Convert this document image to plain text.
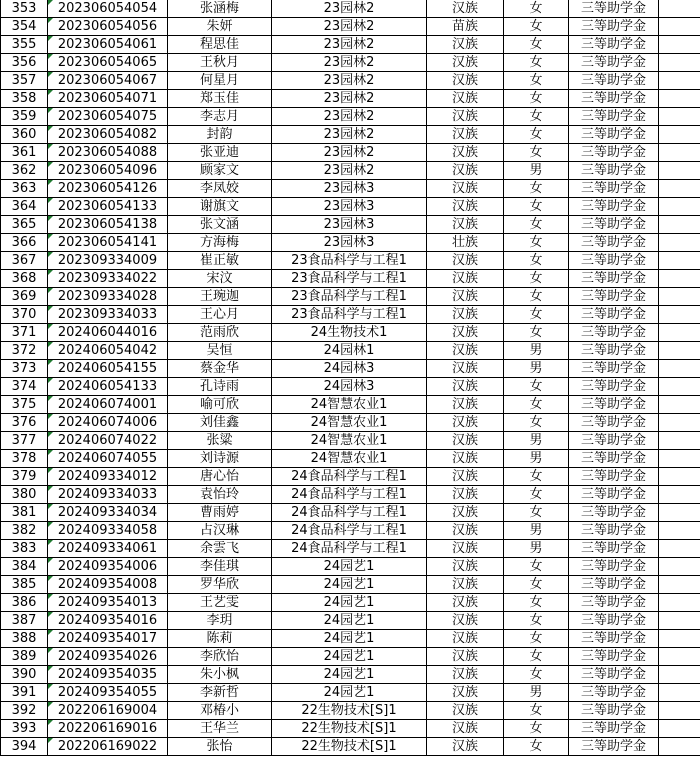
353	202306054054	张涵梅	23园林2	汉族	女	三等助学金	
354	202306054056	朱妍	23园林2	苗族	女	三等助学金	
355	202306054061	程思佳	23园林2	汉族	女	三等助学金	
356	202306054065	王秋月	23园林2	汉族	女	三等助学金	
357	202306054067	何星月	23园林2	汉族	女	三等助学金	
358	202306054071	郑玉佳	23园林2	汉族	女	三等助学金	
359	202306054075	李志月	23园林2	汉族	女	三等助学金	
360	202306054082	封韵	23园林2	汉族	女	三等助学金	
361	202306054088	张亚迪	23园林2	汉族	女	三等助学金	
362	202306054096	顾家文	23园林2	汉族	男	三等助学金	
363	202306054126	李凤姣	23园林3	汉族	女	三等助学金	
364	202306054133	谢旗文	23园林3	汉族	女	三等助学金	
365	202306054138	张文涵	23园林3	汉族	女	三等助学金	
366	202306054141	方海梅	23园林3	壮族	女	三等助学金	
367	202309334009	崔正敏	23食品科学与工程1	汉族	女	三等助学金	
368	202309334022	宋汶	23食品科学与工程1	汉族	女	三等助学金	
369	202309334028	王琬迦	23食品科学与工程1	汉族	女	三等助学金	
370	202309334033	王心月	23食品科学与工程1	汉族	女	三等助学金	
371	202406044016	范雨欣	24生物技术1	汉族	女	三等助学金	
372	202406054042	吴恒	24园林1	汉族	男	三等助学金	
373	202406054155	蔡金华	24园林3	汉族	男	三等助学金	
374	202406054133	孔诗雨	24园林3	汉族	女	三等助学金	
375	202406074001	喻可欣	24智慧农业1	汉族	女	三等助学金	
376	202406074006	刘佳鑫	24智慧农业1	汉族	女	三等助学金	
377	202406074022	张粱	24智慧农业1	汉族	男	三等助学金	
378	202406074055	刘诗源	24智慧农业1	汉族	男	三等助学金	
379	202409334012	唐心怡	24食品科学与工程1	汉族	女	三等助学金	
380	202409334033	袁怡玲	24食品科学与工程1	汉族	女	三等助学金	
381	202409334034	曹雨婷	24食品科学与工程1	汉族	女	三等助学金	
382	202409334058	占汉琳	24食品科学与工程1	汉族	男	三等助学金	
383	202409334061	余雲飞	24食品科学与工程1	汉族	男	三等助学金	
384	202409354006	李佳琪	24园艺1	汉族	女	三等助学金	
385	202409354008	罗华欣	24园艺1	汉族	女	三等助学金	
386	202409354013	王艺雯	24园艺1	汉族	女	三等助学金	
387	202409354016	李玥	24园艺1	汉族	女	三等助学金	
388	202409354017	陈莉	24园艺1	汉族	女	三等助学金	
389	202409354026	李欣怡	24园艺1	汉族	女	三等助学金	
390	202409354035	朱小枫	24园艺1	汉族	女	三等助学金	
391	202409354055	李新哲	24园艺1	汉族	男	三等助学金	
392	202206169004	邓椿小	22生物技术[S]1	汉族	女	三等助学金	
393	202206169016	王华兰	22生物技术[S]1	汉族	女	三等助学金	
394	202206169022	张怡	22生物技术[S]1	汉族	女	三等助学金	
